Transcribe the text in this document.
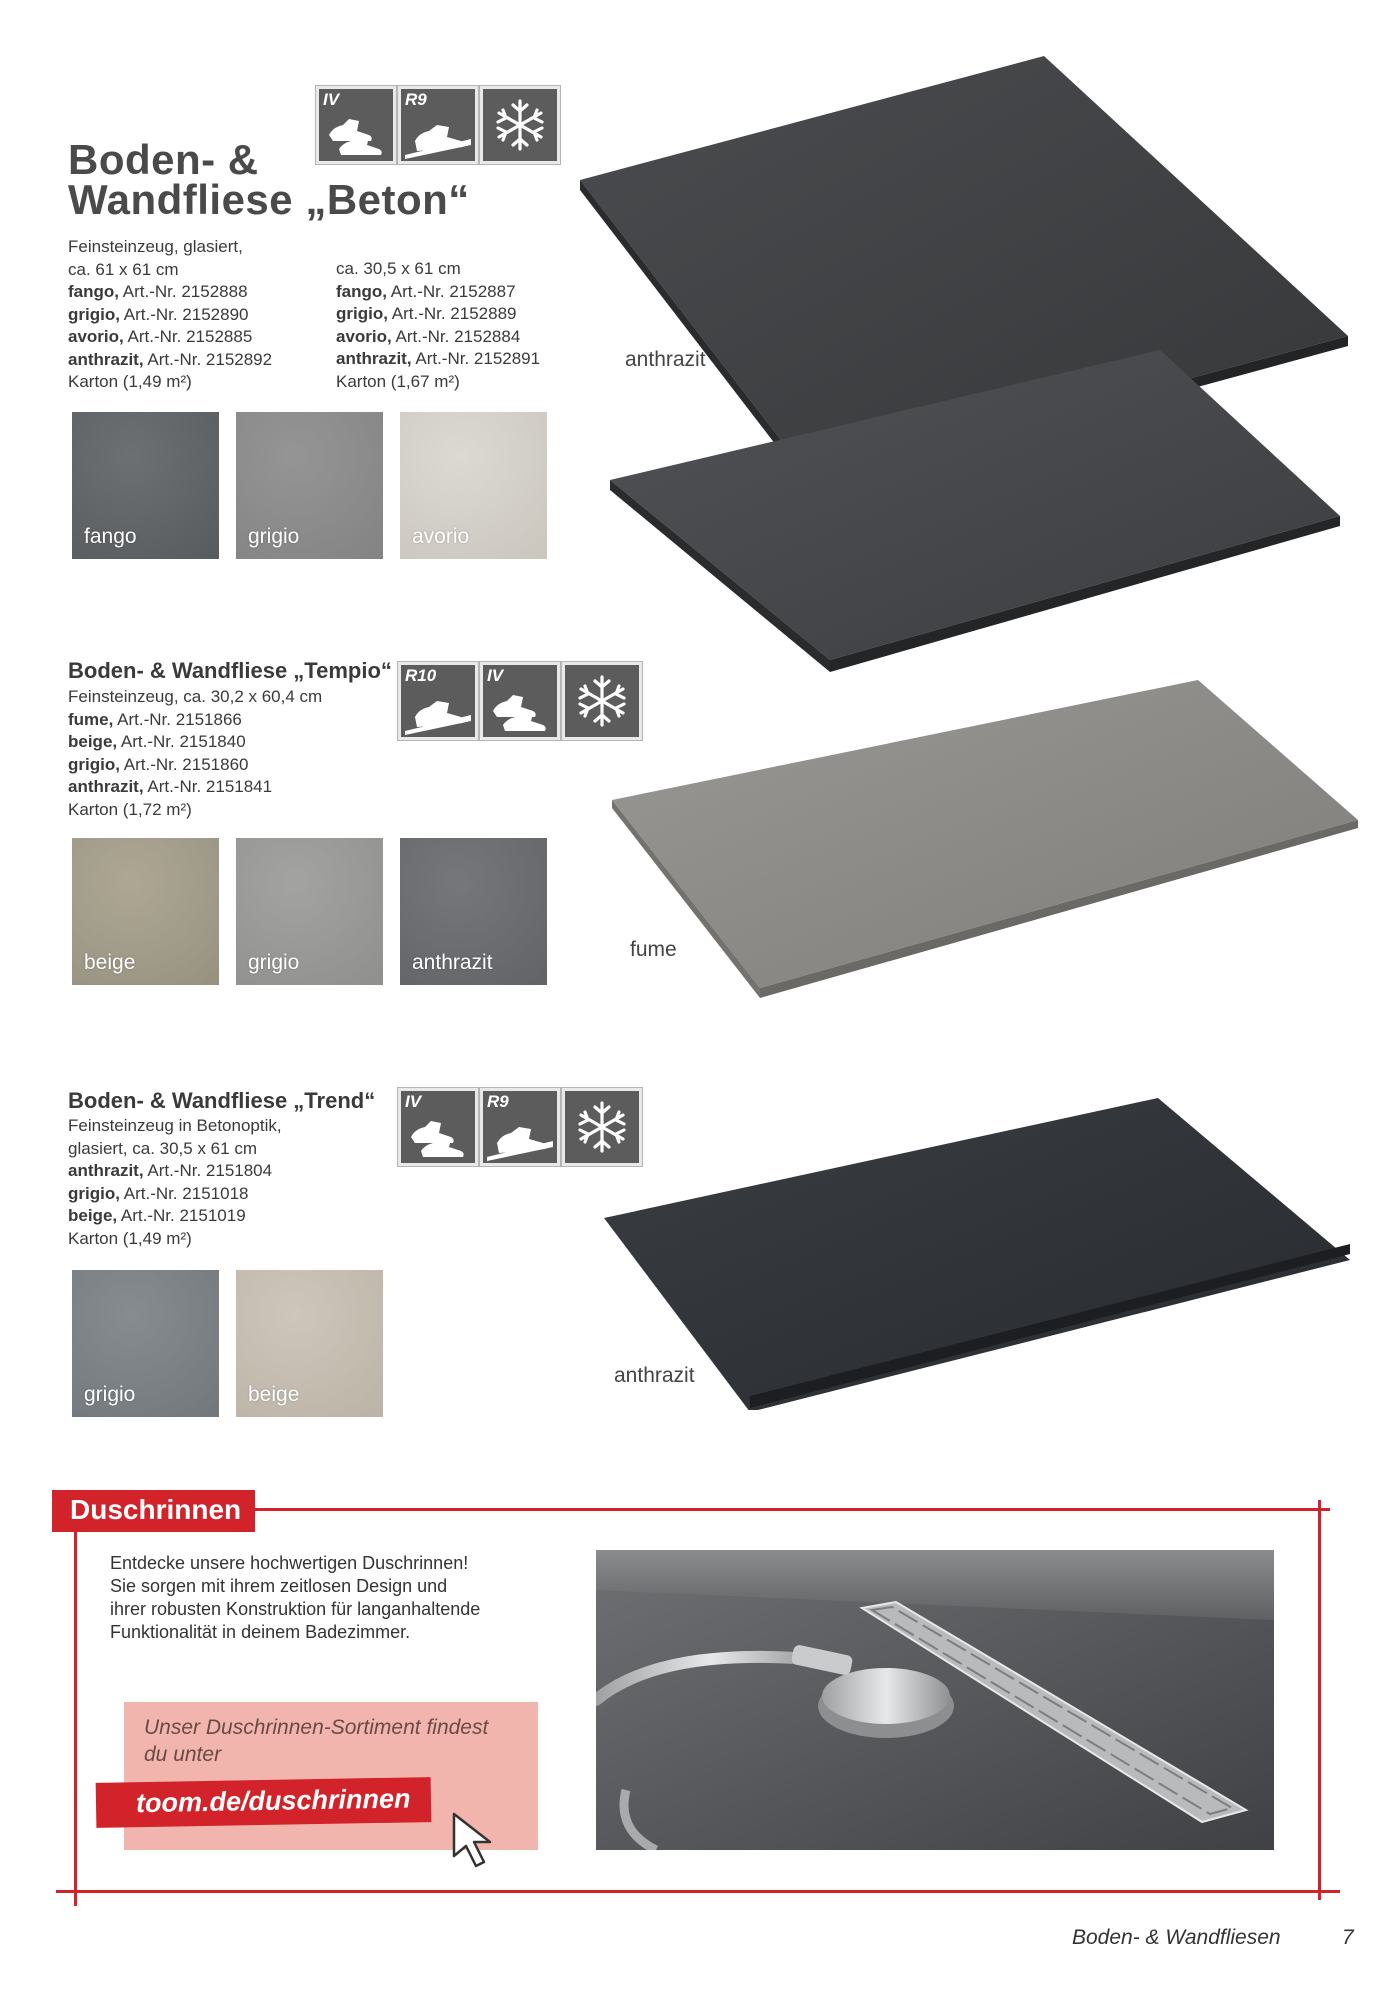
Boden- &
Wandfliese „Beton“
IV	R9
Feinsteinzeug, glasiert,
ca. 61 x 61 cm
fango, Art.-Nr. 2152888
grigio, Art.-Nr. 2152890
avorio, Art.-Nr. 2152885
anthrazit, Art.-Nr. 2152892
Karton (1,49 m²)
ca. 30,5 x 61 cm
fango, Art.-Nr. 2152887
grigio, Art.-Nr. 2152889
avorio, Art.-Nr. 2152884
anthrazit, Art.-Nr. 2152891
Karton (1,67 m²)
fango	grigio	avorio
anthrazit
Boden- & Wandfliese „Tempio“ R10	IV
Feinsteinzeug, ca. 30,2 x 60,4 cm
fume, Art.-Nr. 2151866
beige, Art.-Nr. 2151840
grigio, Art.-Nr. 2151860
anthrazit, Art.-Nr. 2151841
Karton (1,72 m²)
beige	grigio	anthrazit
fume
Boden- & Wandfliese „Trend“ IV	R9
Feinsteinzeug in Betonoptik,
glasiert, ca. 30,5 x 61 cm
anthrazit, Art.-Nr. 2151804
grigio, Art.-Nr. 2151018
beige, Art.-Nr. 2151019
Karton (1,49 m²)
grigio	beige
anthrazit
Duschrinnen
Entdecke unsere hochwertigen Duschrinnen!
Sie sorgen mit ihrem zeitlosen Design und
ihrer robusten Konstruktion für langanhaltende
Funktionalität in deinem Badezimmer.
Unser Duschrinnen-Sortiment findest
du unter
toom.de/duschrinnen
Boden- & Wandfliesen	7
